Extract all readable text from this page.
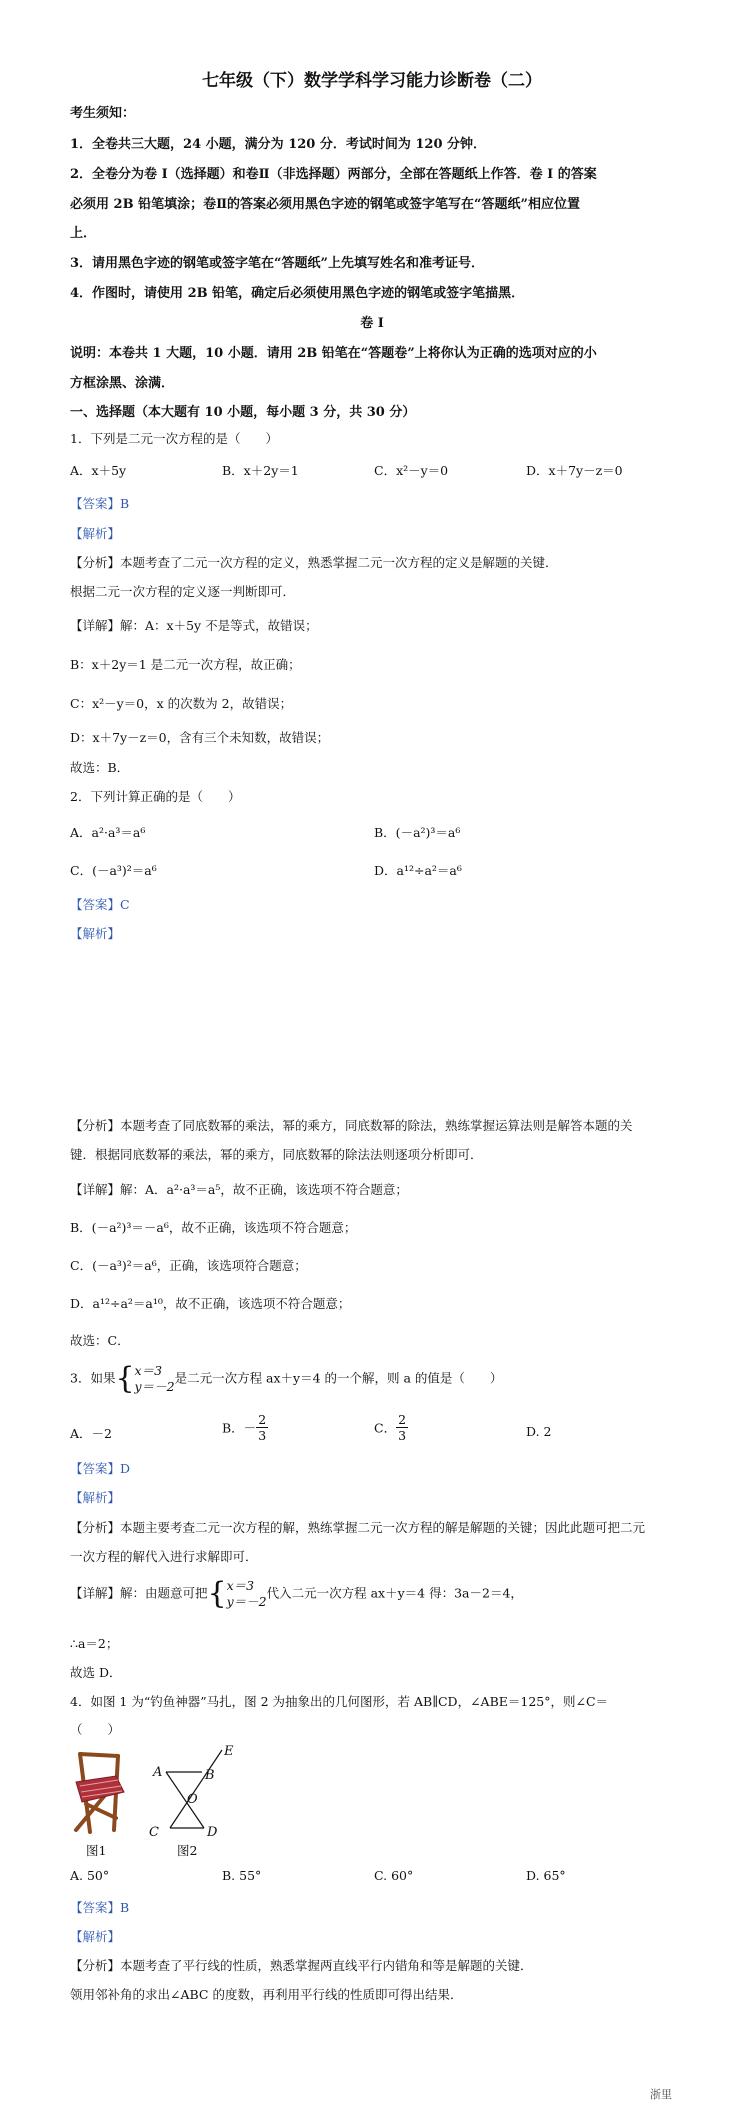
七年级（下）数学学科学习能力诊断卷（二）
考生须知：
1．全卷共三大题，24 小题，满分为 120 分．考试时间为 120 分钟．
2．全卷分为卷 I（选择题）和卷Ⅱ（非选择题）两部分，全部在答题纸上作答．卷 I 的答案
必须用 2B 铅笔填涂；卷Ⅱ的答案必须用黑色字迹的钢笔或签字笔写在“答题纸”相应位置
上．
3．请用黑色字迹的钢笔或签字笔在“答题纸”上先填写姓名和准考证号．
4．作图时，请使用 2B 铅笔，确定后必须使用黑色字迹的钢笔或签字笔描黑．
卷 I
说明：本卷共 1 大题，10 小题．请用 2B 铅笔在“答题卷”上将你认为正确的选项对应的小
方框涂黑、涂满．
一、选择题（本大题有 10 小题，每小题 3 分，共 30 分）
1．下列是二元一次方程的是（　　）
A．x＋5y	B．x＋2y＝1	C．x²－y＝0	D．x＋7y－z＝0
【答案】B
【解析】
【分析】本题考查了二元一次方程的定义，熟悉掌握二元一次方程的定义是解题的关键．
根据二元一次方程的定义逐一判断即可．
【详解】解：A：x＋5y 不是等式，故错误；
B：x＋2y＝1 是二元一次方程，故正确；
C：x²－y＝0，x 的次数为 2，故错误；
D：x＋7y－z＝0，含有三个未知数，故错误；
故选：B．
2．下列计算正确的是（　　）
A．a²·a³＝a⁶	B．(－a²)³＝a⁶
C．(－a³)²＝a⁶	D．a¹²÷a²＝a⁶
【答案】C
【解析】
【分析】本题考查了同底数幂的乘法，幂的乘方，同底数幂的除法，熟练掌握运算法则是解答本题的关
键．根据同底数幂的乘法，幂的乘方，同底数幂的除法法则逐项分析即可．
【详解】解：A．a²·a³＝a⁵，故不正确，该选项不符合题意；
B．(－a²)³＝－a⁶，故不正确，该选项不符合题意；
C．(－a³)²＝a⁶，正确，该选项符合题意；
D．a¹²÷a²＝a¹⁰，故不正确，该选项不符合题意；
故选：C．
3．如果{x＝3
y＝－2是二元一次方程 ax＋y＝4 的一个解，则 a 的值是（　　）
A．－2	B．－ $\frac{2}{3}$	C． $\frac{2}{3}$	D. 2
【答案】D
【解析】
【分析】本题主要考查二元一次方程的解，熟练掌握二元一次方程的解是解题的关键；因此此题可把二元
一次方程的解代入进行求解即可．
【详解】解：由题意可把{x＝3
y＝－2代入二元一次方程 ax＋y＝4 得：3a－2＝4，
∴a＝2；
故选 D．
4．如图 1 为“钓鱼神器”马扎，图 2 为抽象出的几何图形，若 AB∥CD，∠ABE＝125°，则∠C＝
（　　）
图1
E
A	B
O
C	D
图2
A. 50°	B. 55°	C. 60°	D. 65°
【答案】B
【解析】
【分析】本题考查了平行线的性质，熟悉掌握两直线平行内错角和等是解题的关键．
领用邻补角的求出∠ABC 的度数，再利用平行线的性质即可得出结果．
浙里
